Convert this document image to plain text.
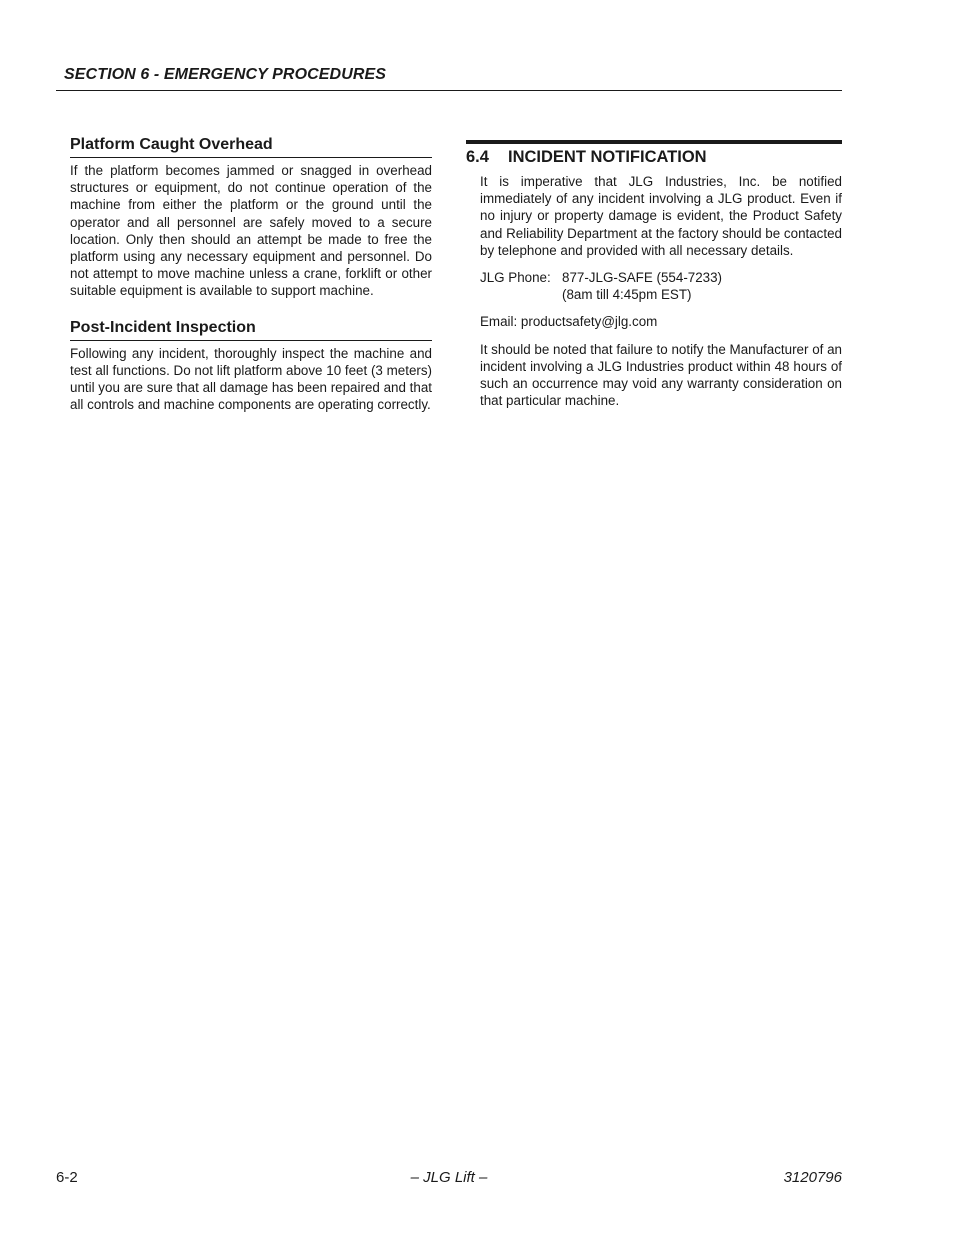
SECTION 6 - EMERGENCY PROCEDURES
Platform Caught Overhead

If the platform becomes jammed or snagged in overhead structures or equipment, do not continue operation of the machine from either the platform or the ground until the operator and all personnel are safely moved to a secure location. Only then should an attempt be made to free the platform using any necessary equipment and personnel. Do not attempt to move machine unless a crane, forklift or other suitable equipment is available to support machine.

Post-Incident Inspection

Following any incident, thoroughly inspect the machine and test all functions. Do not lift platform above 10 feet (3 meters) until you are sure that all damage has been repaired and that all controls and machine components are operating correctly.

6.4 INCIDENT NOTIFICATION

It is imperative that JLG Industries, Inc. be notified immediately of any incident involving a JLG product. Even if no injury or property damage is evident, the Product Safety and Reliability Department at the factory should be contacted by telephone and provided with all necessary details.

JLG Phone: 877-JLG-SAFE (554-7233)
(8am till 4:45pm EST)

Email: productsafety@jlg.com

It should be noted that failure to notify the Manufacturer of an incident involving a JLG Industries product within 48 hours of such an occurrence may void any warranty consideration on that particular machine.

6-2	– JLG Lift –	3120796
